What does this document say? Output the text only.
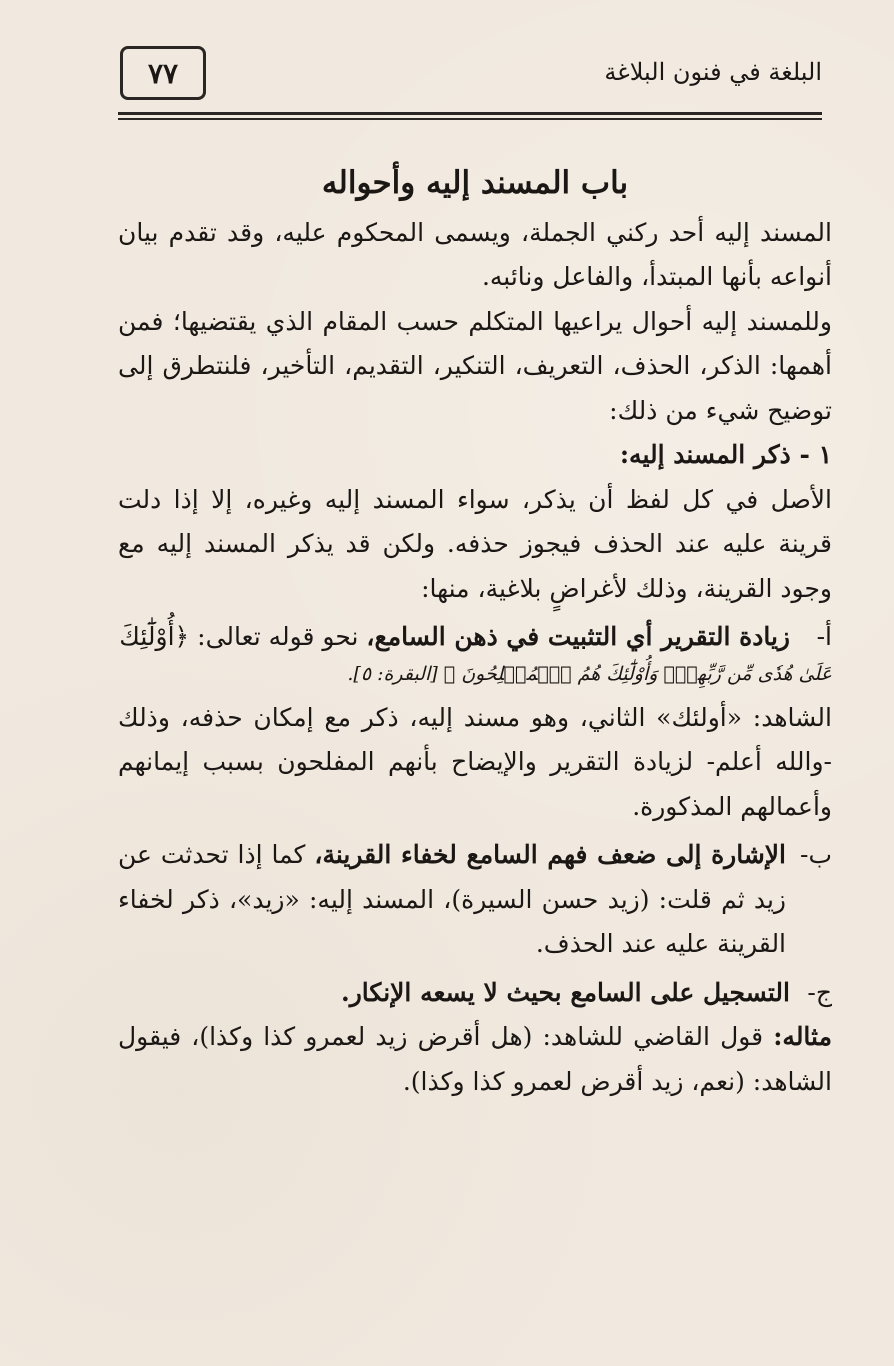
٧٧	البلغة في فنون البلاغة
باب المسند إليه وأحواله

المسند إليه أحد ركني الجملة، ويسمى المحكوم عليه، وقد تقدم بيان أنواعه بأنها المبتدأ، والفاعل ونائبه.

وللمسند إليه أحوال يراعيها المتكلم حسب المقام الذي يقتضيها؛ فمن أهمها: الذكر، الحذف، التعريف، التنكير، التقديم، التأخير، فلنتطرق إلى توضيح شيء من ذلك:

١ - ذكر المسند إليه:

الأصل في كل لفظ أن يذكر، سواء المسند إليه وغيره، إلا إذا دلت قرينة عليه عند الحذف فيجوز حذفه. ولكن قد يذكر المسند إليه مع وجود القرينة، وذلك لأغراضٍ بلاغية، منها:

أ-
زيادة التقرير أي التثبيت في ذهن السامع، نحو قوله تعالى: ﴿أُوْلَٰٓئِكَ
عَلَىٰ هُدٗى مِّن رَّبِّهِمۡۖ وَأُوْلَٰٓئِكَ هُمُ ٱلۡمُفۡلِحُونَ ﴾ [البقرة: ٥].

الشاهد: «أولئك» الثاني، وهو مسند إليه، ذكر مع إمكان حذفه، وذلك -والله أعلم- لزيادة التقرير والإيضاح بأنهم المفلحون بسبب إيمانهم وأعمالهم المذكورة.

ب-
الإشارة إلى ضعف فهم السامع لخفاء القرينة، كما إذا تحدثت عن زيد ثم قلت: (زيد حسن السيرة)، المسند إليه: «زيد»، ذكر لخفاء القرينة عليه عند الحذف.
ج-
التسجيل على السامع بحيث لا يسعه الإنكار.

مثاله: قول القاضي للشاهد: (هل أقرض زيد لعمرو كذا وكذا)، فيقول الشاهد: (نعم، زيد أقرض لعمرو كذا وكذا).
